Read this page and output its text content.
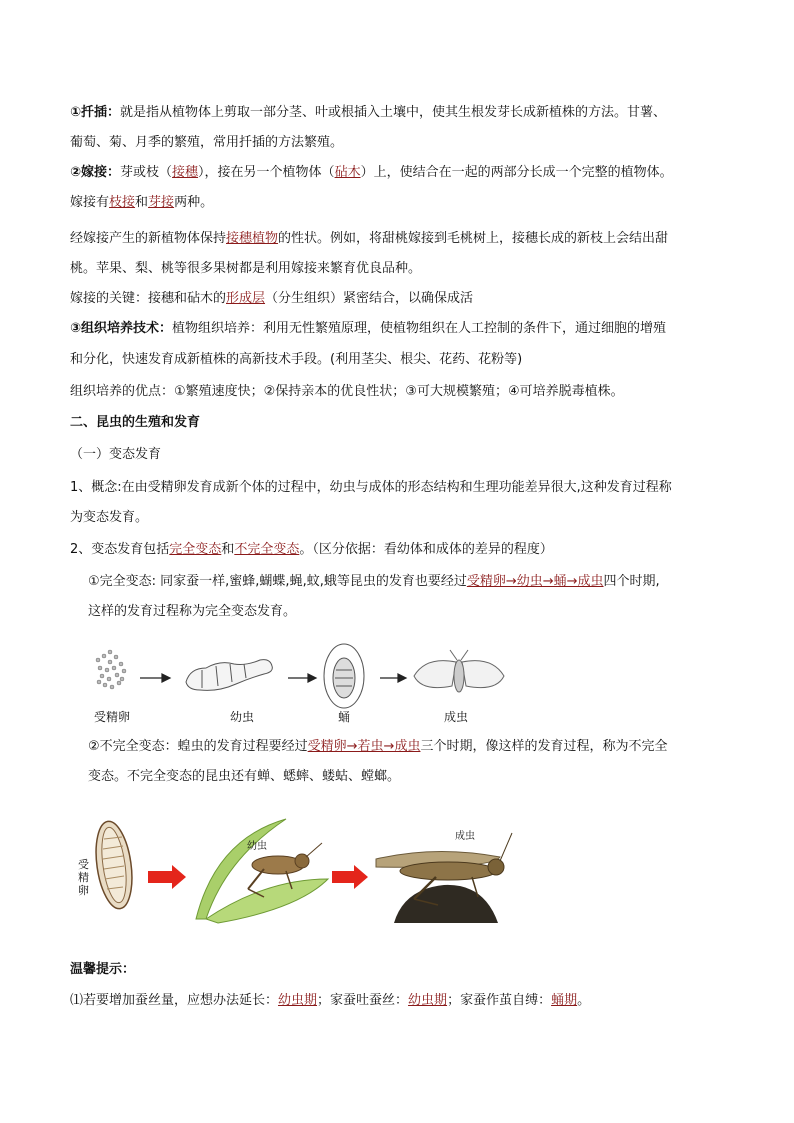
①扦插：就是指从植物体上剪取一部分茎、叶或根插入土壤中，使其生根发芽长成新植株的方法。甘薯、
葡萄、菊、月季的繁殖，常用扦插的方法繁殖。
②嫁接：芽或枝（接穗），接在另一个植物体（砧木）上，使结合在一起的两部分长成一个完整的植物体。
嫁接有枝接和芽接两种。
经嫁接产生的新植物体保持接穗植物的性状。例如，将甜桃嫁接到毛桃树上，接穗长成的新枝上会结出甜
桃。苹果、梨、桃等很多果树都是利用嫁接来繁育优良品种。
嫁接的关键：接穗和砧木的形成层（分生组织）紧密结合，以确保成活
③组织培养技术：植物组织培养：利用无性繁殖原理，使植物组织在人工控制的条件下，通过细胞的增殖
和分化，快速发育成新植株的高新技术手段。(利用茎尖、根尖、花药、花粉等)
组织培养的优点：①繁殖速度快；②保持亲本的优良性状；③可大规模繁殖；④可培养脱毒植株。
二、昆虫的生殖和发育
（一）变态发育
1、概念:在由受精卵发育成新个体的过程中，幼虫与成体的形态结构和生理功能差异很大,这种发育过程称
为变态发育。
2、变态发育包括完全变态和不完全变态。（区分依据：看幼体和成体的差异的程度）
①完全变态: 同家蚕一样,蜜蜂,蝴蝶,蝇,蚊,蛾等昆虫的发育也要经过受精卵→幼虫→蛹→成虫四个时期,
这样的发育过程称为完全变态发育。
受精卵	幼虫	蛹	成虫
②不完全变态：蝗虫的发育过程要经过受精卵→若虫→成虫三个时期，像这样的发育过程，称为不完全
变态。不完全变态的昆虫还有蝉、蟋蟀、蝼蛄、螳螂。
受精卵
幼虫
成虫
温馨提示：
⑴若要增加蚕丝量，应想办法延长：幼虫期；家蚕吐蚕丝：幼虫期；家蚕作茧自缚：蛹期。
